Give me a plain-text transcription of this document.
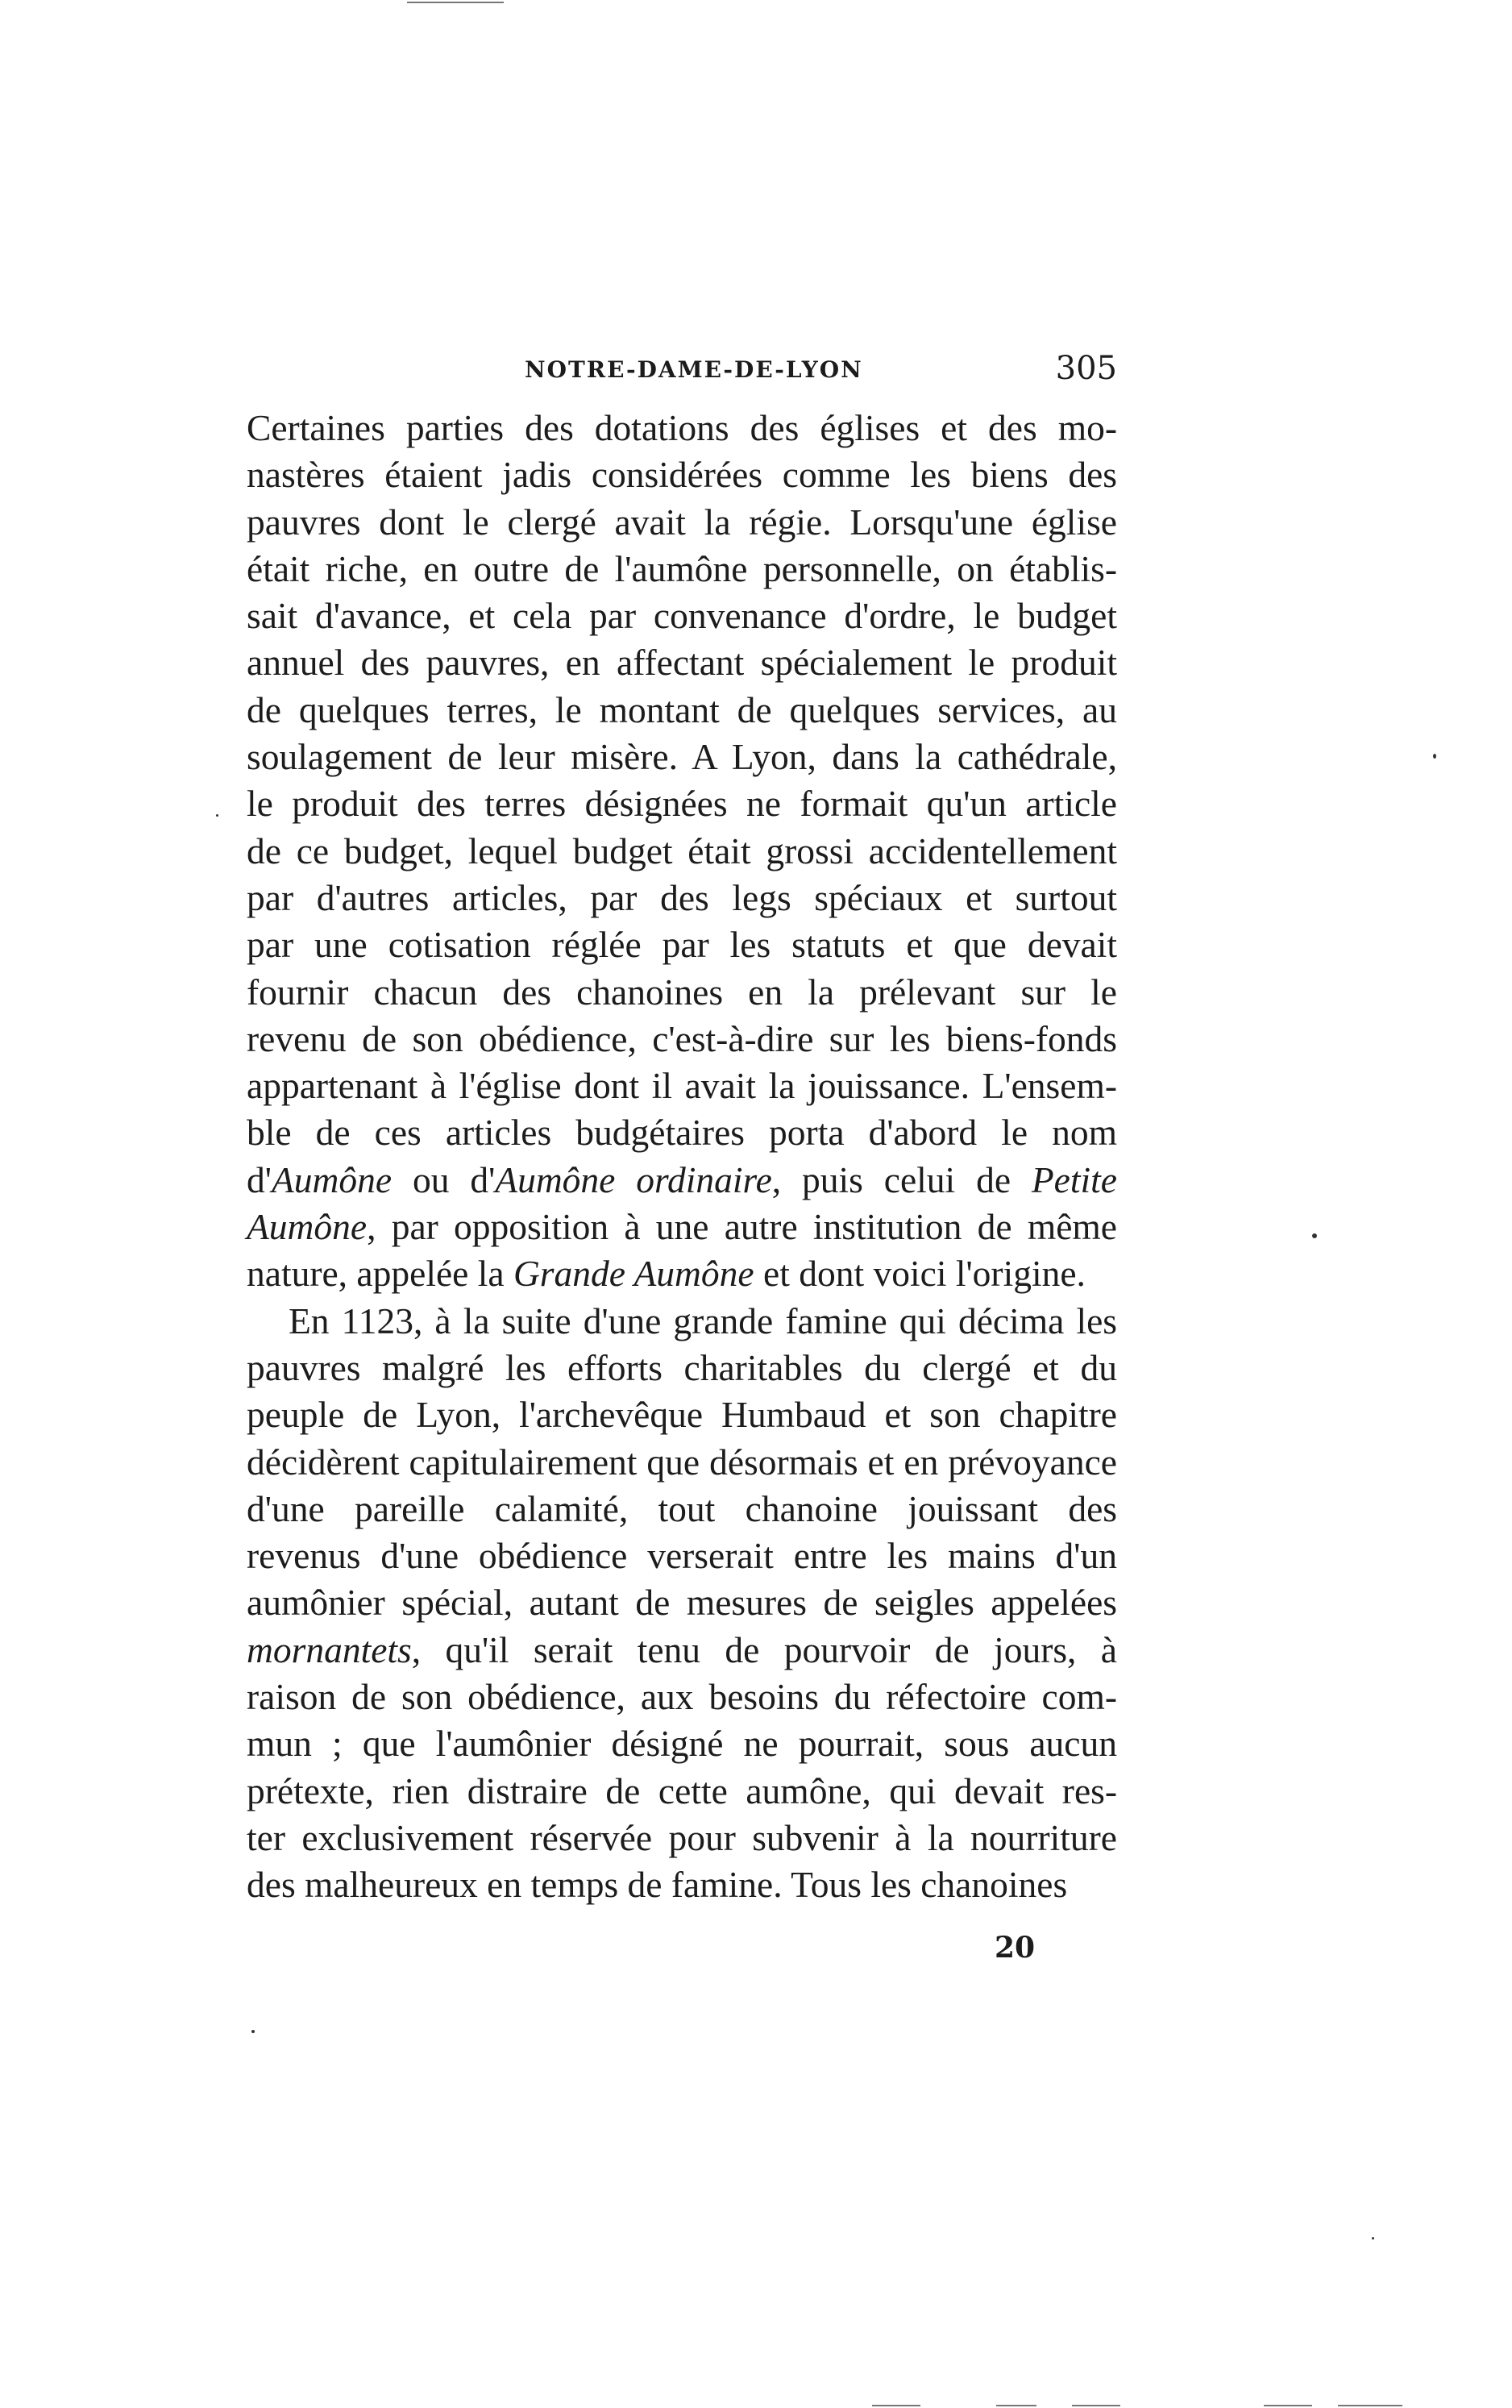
NOTRE-DAME-DE-LYON	305
Certaines parties des dotations des églises et des mo-
nastères étaient jadis considérées comme les biens des
pauvres dont le clergé avait la régie. Lorsqu'une église
était riche, en outre de l'aumône personnelle, on établis-
sait d'avance, et cela par convenance d'ordre, le budget
annuel des pauvres, en affectant spécialement le produit
de quelques terres, le montant de quelques services, au
soulagement de leur misère. A Lyon, dans la cathédrale,
le produit des terres désignées ne formait qu'un article
de ce budget, lequel budget était grossi accidentellement
par d'autres articles, par des legs spéciaux et surtout
par une cotisation réglée par les statuts et que devait
fournir chacun des chanoines en la prélevant sur le
revenu de son obédience, c'est-à-dire sur les biens-fonds
appartenant à l'église dont il avait la jouissance. L'ensem-
ble de ces articles budgétaires porta d'abord le nom
d'Aumône ou d'Aumône ordinaire, puis celui de Petite
Aumône, par opposition à une autre institution de même
nature, appelée la Grande Aumône et dont voici l'origine.
En 1123, à la suite d'une grande famine qui décima les
pauvres malgré les efforts charitables du clergé et du
peuple de Lyon, l'archevêque Humbaud et son chapitre
décidèrent capitulairement que désormais et en prévoyance
d'une pareille calamité, tout chanoine jouissant des
revenus d'une obédience verserait entre les mains d'un
aumônier spécial, autant de mesures de seigles appelées
mornantets, qu'il serait tenu de pourvoir de jours, à
raison de son obédience, aux besoins du réfectoire com-
mun ; que l'aumônier désigné ne pourrait, sous aucun
prétexte, rien distraire de cette aumône, qui devait res-
ter exclusivement réservée pour subvenir à la nourriture
des malheureux en temps de famine. Tous les chanoines
20
